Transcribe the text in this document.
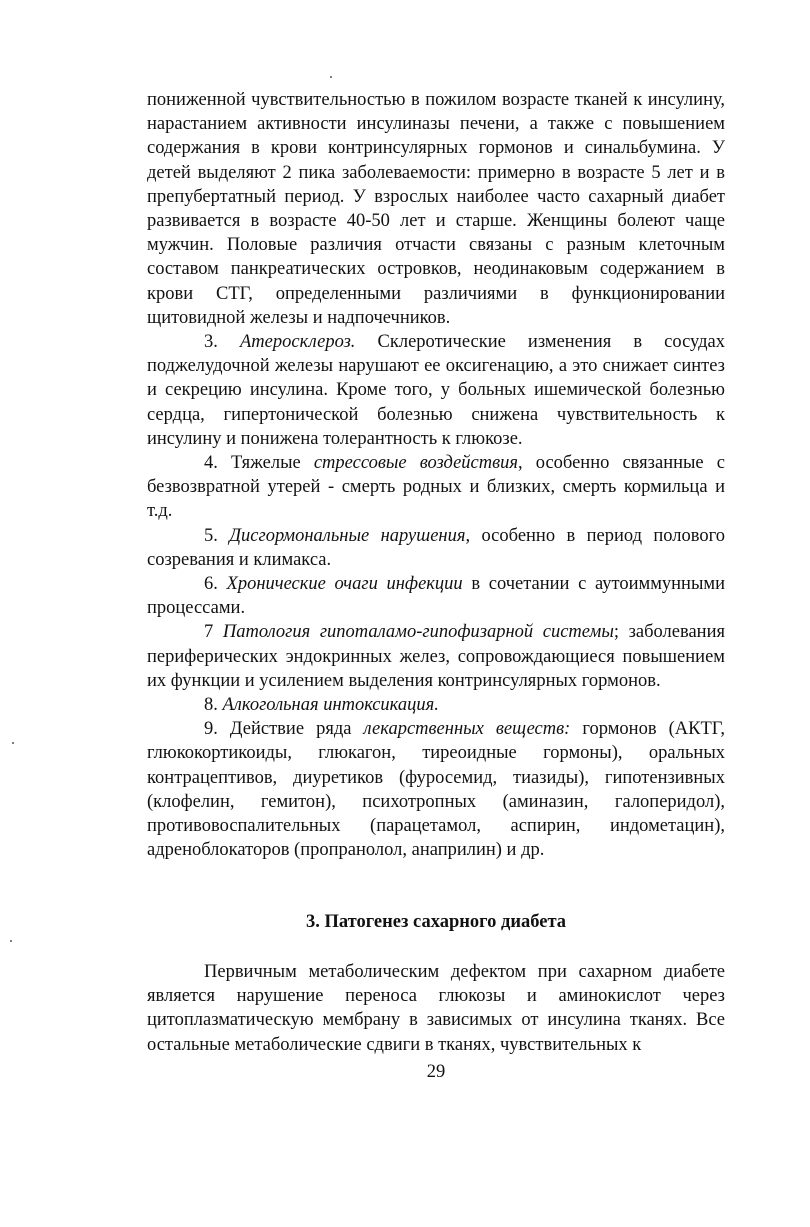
пониженной чувствительностью в пожилом возрасте тканей к инсулину, нарастанием активности инсулиназы печени, а также с повышением содержания в крови контринсулярных гормонов и синальбумина. У детей выделяют 2 пика заболеваемости: примерно в возрасте 5 лет и в препубертатный период. У взрослых наиболее часто сахарный диабет развивается в возрасте 40-50 лет и старше. Женщины болеют чаще мужчин. Половые различия отчасти связаны с разным клеточным составом панкреатических островков, неодинаковым содержанием в крови СТГ, определенными различиями в функционировании щитовидной железы и надпочечников.

3. Атеросклероз. Склеротические изменения в сосудах поджелудочной железы нарушают ее оксигенацию, а это снижает синтез и секрецию инсулина. Кроме того, у больных ишемической болезнью сердца, гипертонической болезнью снижена чувствительность к инсулину и понижена толерантность к глюкозе.

4. Тяжелые стрессовые воздействия, особенно связанные с безвозвратной утерей - смерть родных и близких, смерть кормильца и т.д.

5. Дисгормональные нарушения, особенно в период полового созревания и климакса.

6. Хронические очаги инфекции в сочетании с аутоиммунными процессами.

7 Патология гипоталамо-гипофизарной системы; заболевания периферических эндокринных желез, сопровождающиеся повышением их функции и усилением выделения контринсулярных гормонов.

8. Алкогольная интоксикация.

9. Действие ряда лекарственных веществ: гормонов (АКТГ, глюкокортикоиды, глюкагон, тиреоидные гормоны), оральных контрацептивов, диуретиков (фуросемид, тиазиды), гипотензивных (клофелин, гемитон), психотропных (аминазин, галоперидол), противовоспалительных (парацетамол, аспирин, индометацин), адреноблокаторов (пропранолол, анаприлин) и др.

3. Патогенез сахарного диабета

Первичным метаболическим дефектом при сахарном диабете является нарушение переноса глюкозы и аминокислот через цитоплазматическую мембрану в зависимых от инсулина тканях. Все остальные метаболические сдвиги в тканях, чувствительных к

29
